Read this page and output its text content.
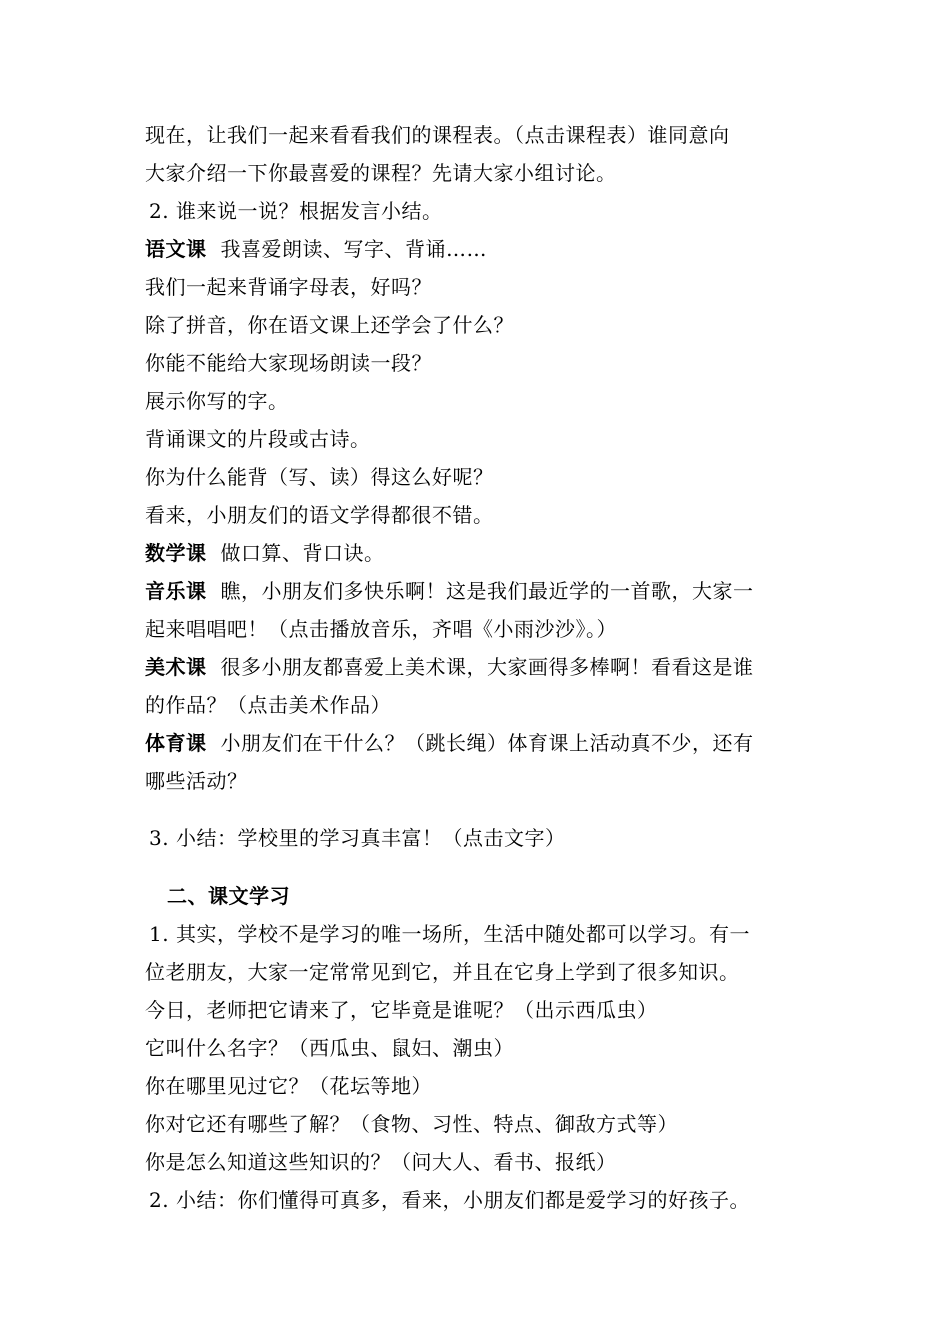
现在，让我们一起来看看我们的课程表。（点击课程表）谁同意向
大家介绍一下你最喜爱的课程？先请大家小组讨论。
2. 谁来说一说？根据发言小结。
语文课 我喜爱朗读、写字、背诵……
我们一起来背诵字母表，好吗？
除了拼音，你在语文课上还学会了什么？
你能不能给大家现场朗读一段？
展示你写的字。
背诵课文的片段或古诗。
你为什么能背（写、读）得这么好呢？
看来，小朋友们的语文学得都很不错。
数学课 做口算、背口诀。
音乐课 瞧，小朋友们多快乐啊！这是我们最近学的一首歌，大家一
起来唱唱吧！（点击播放音乐，齐唱《小雨沙沙》。）
美术课 很多小朋友都喜爱上美术课，大家画得多棒啊！看看这是谁
的作品？（点击美术作品）
体育课 小朋友们在干什么？（跳长绳）体育课上活动真不少，还有
哪些活动？
3. 小结：学校里的学习真丰富！（点击文字）
二、课文学习
1. 其实，学校不是学习的唯一场所，生活中随处都可以学习。有一
位老朋友，大家一定常常见到它，并且在它身上学到了很多知识。
今日，老师把它请来了，它毕竟是谁呢？（出示西瓜虫）
它叫什么名字？（西瓜虫、鼠妇、潮虫）
你在哪里见过它？（花坛等地）
你对它还有哪些了解？（食物、习性、特点、御敌方式等）
你是怎么知道这些知识的？（问大人、看书、报纸）
2. 小结：你们懂得可真多，看来，小朋友们都是爱学习的好孩子。
